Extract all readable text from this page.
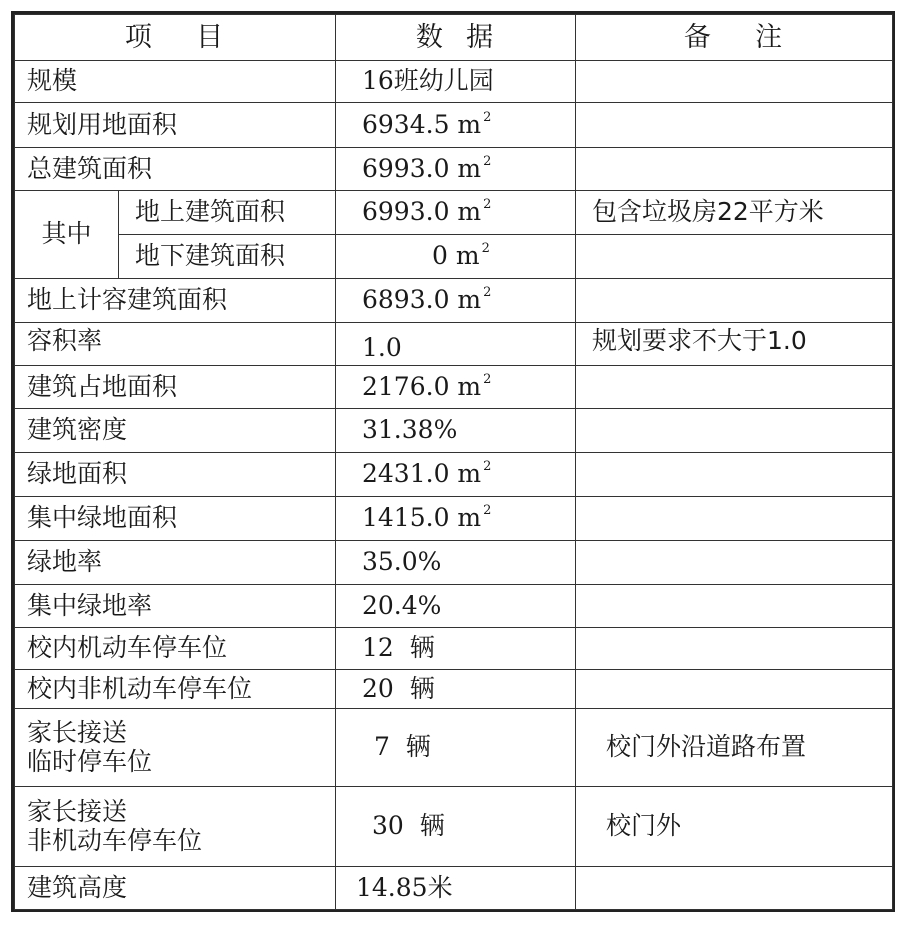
项    目		数  据	备    注
规模		16班幼儿园	
规划用地面积		6934.5 m $^2$	
总建筑面积		6993.0 m $^2$	
其中	地上建筑面积	6993.0 m $^2$	包含垃圾房22平方米
	地下建筑面积	0 m $^2$	
地上计容建筑面积		6893.0 m $^2$	
容积率		1.0	规划要求不大于1.0
建筑占地面积		2176.0 m $^2$	
建筑密度		31.38%	
绿地面积		2431.0 m $^2$	
集中绿地面积		1415.0 m $^2$	
绿地率		35.0%	
集中绿地率		20.4%	
校内机动车停车位		12  辆	
校内非机动车停车位		20  辆	

家长接送
临时停车位		7  辆	校门外沿道路布置

家长接送
非机动车停车位		30  辆	校门外
建筑高度		14.85米	
